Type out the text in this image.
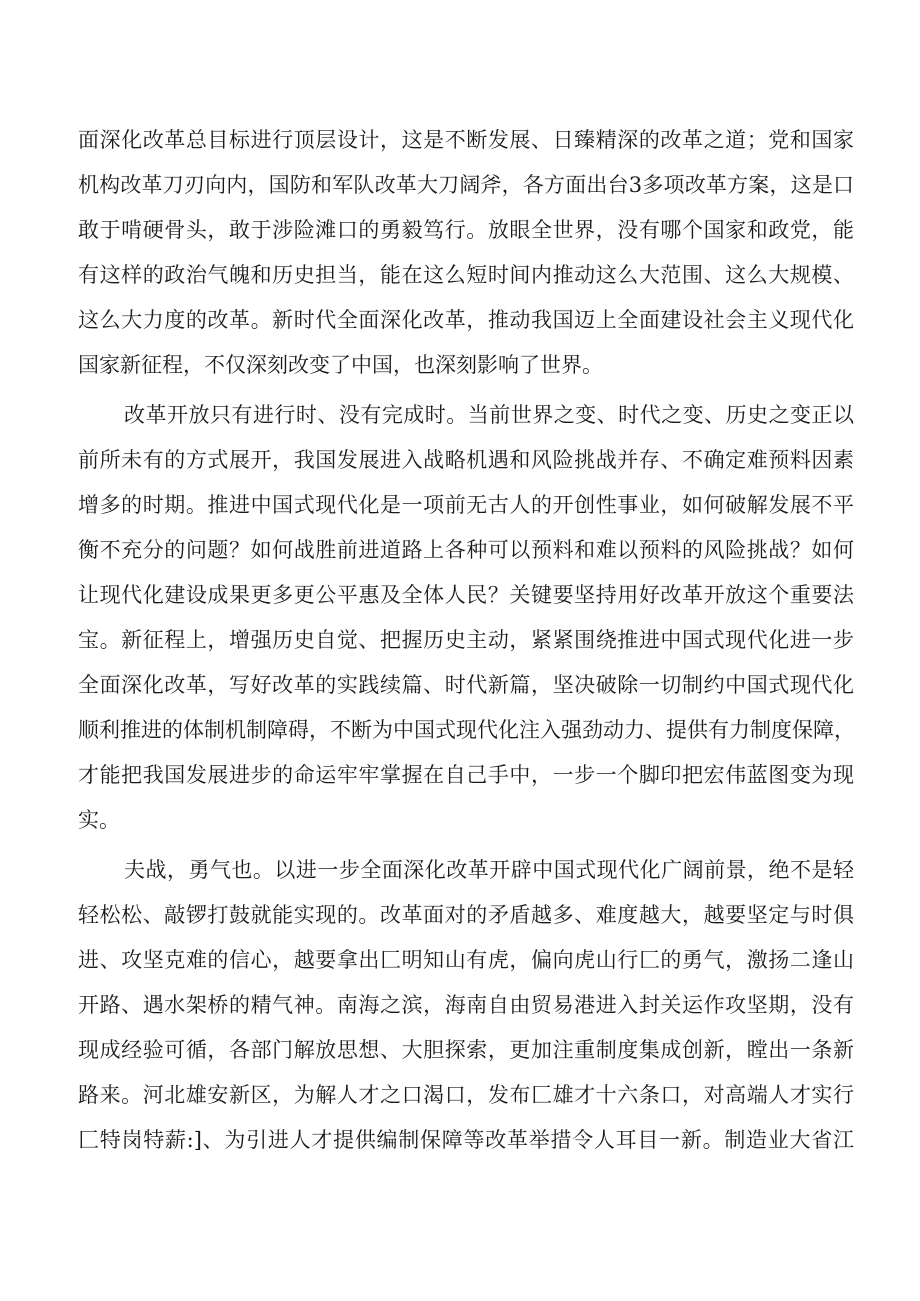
面深化改革总目标进行顶层设计，这是不断发展、日臻精深的改革之道；党和国家

机构改革刀刃向内，国防和军队改革大刀阔斧，各方面出台3多项改革方案，这是口

敢于啃硬骨头，敢于涉险滩口的勇毅笃行。放眼全世界，没有哪个国家和政党，能

有这样的政治气魄和历史担当，能在这么短时间内推动这么大范围、这么大规模、

这么大力度的改革。新时代全面深化改革，推动我国迈上全面建设社会主义现代化

国家新征程，不仅深刻改变了中国，也深刻影响了世界。

改革开放只有进行时、没有完成时。当前世界之变、时代之变、历史之变正以

前所未有的方式展开，我国发展进入战略机遇和风险挑战并存、不确定难预料因素

增多的时期。推进中国式现代化是一项前无古人的开创性事业，如何破解发展不平

衡不充分的问题？如何战胜前进道路上各种可以预料和难以预料的风险挑战？如何

让现代化建设成果更多更公平惠及全体人民？关键要坚持用好改革开放这个重要法

宝。新征程上，增强历史自觉、把握历史主动，紧紧围绕推进中国式现代化进一步

全面深化改革，写好改革的实践续篇、时代新篇，坚决破除一切制约中国式现代化

顺利推进的体制机制障碍，不断为中国式现代化注入强劲动力、提供有力制度保障，

才能把我国发展进步的命运牢牢掌握在自己手中，一步一个脚印把宏伟蓝图变为现

实。

夫战，勇气也。以进一步全面深化改革开辟中国式现代化广阔前景，绝不是轻

轻松松、敲锣打鼓就能实现的。改革面对的矛盾越多、难度越大，越要坚定与时俱

进、攻坚克难的信心，越要拿出匚明知山有虎，偏向虎山行匚的勇气，激扬二逢山

开路、遇水架桥的精气神。南海之滨，海南自由贸易港进入封关运作攻坚期，没有

现成经验可循，各部门解放思想、大胆探索，更加注重制度集成创新，瞠出一条新

路来。河北雄安新区，为解人才之口渴口，发布匚雄才十六条口，对高端人才实行

匚特岗特薪:]、为引进人才提供编制保障等改革举措令人耳目一新。制造业大省江
